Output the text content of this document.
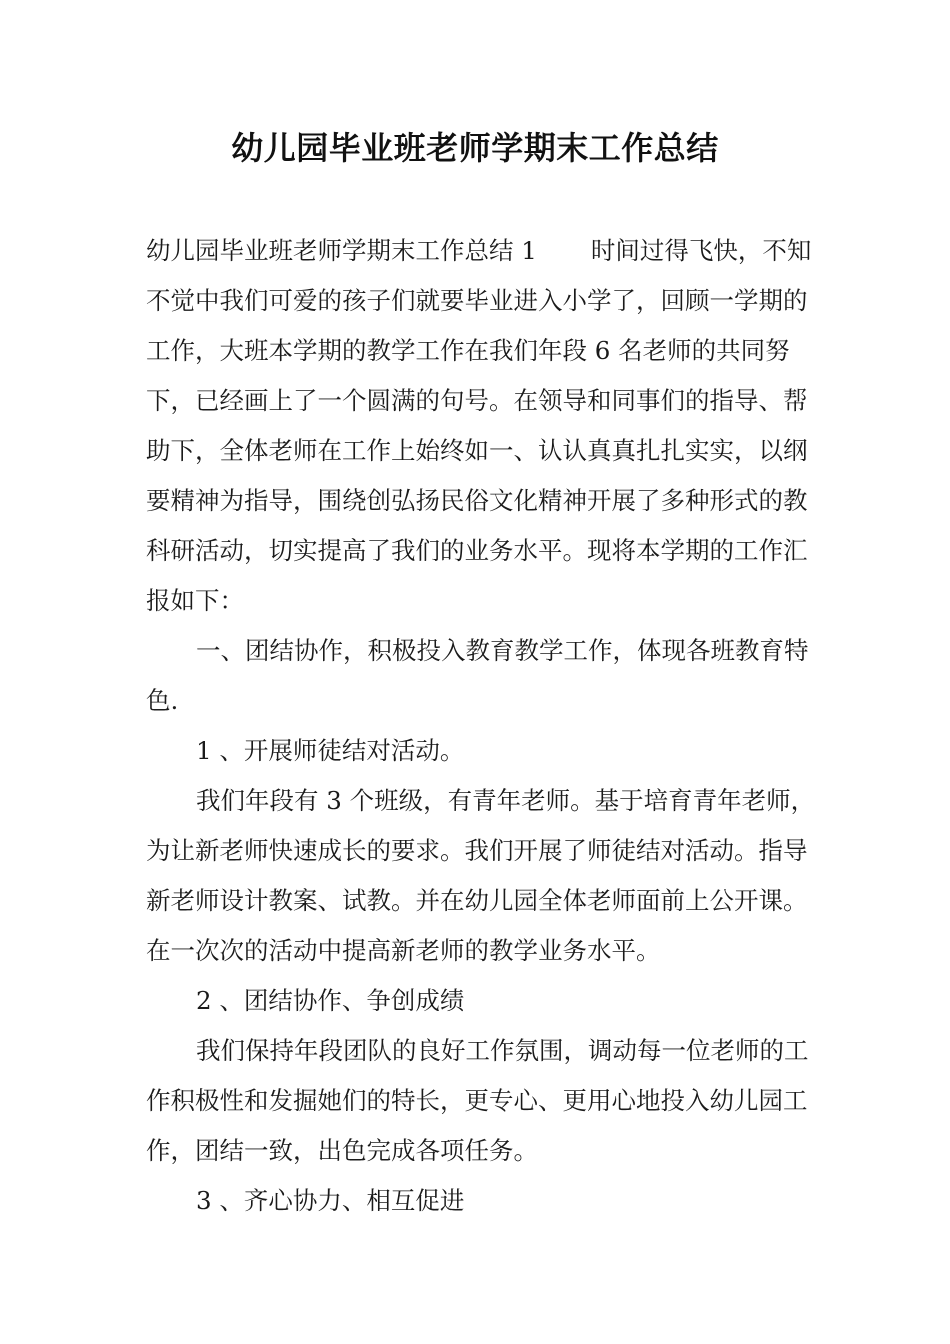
幼儿园毕业班老师学期末工作总结

幼儿园毕业班老师学期末工作总结 1 时间过得飞快，不知不觉中我们可爱的孩子们就要毕业进入小学了，回顾一学期的工作，大班本学期的教学工作在我们年段 6 名老师的共同努下，已经画上了一个圆满的句号。在领导和同事们的指导、帮助下，全体老师在工作上始终如一、认认真真扎扎实实，以纲要精神为指导，围绕创弘扬民俗文化精神开展了多种形式的教科研活动，切实提高了我们的业务水平。现将本学期的工作汇报如下：

一、团结协作，积极投入教育教学工作，体现各班教育特色.

1 、开展师徒结对活动。

我们年段有 3 个班级，有青年老师。基于培育青年老师，为让新老师快速成长的要求。我们开展了师徒结对活动。指导新老师设计教案、试教。并在幼儿园全体老师面前上公开课。在一次次的活动中提高新老师的教学业务水平。

2 、团结协作、争创成绩

我们保持年段团队的良好工作氛围，调动每一位老师的工作积极性和发掘她们的特长，更专心、更用心地投入幼儿园工作，团结一致，出色完成各项任务。

3 、齐心协力、相互促进
